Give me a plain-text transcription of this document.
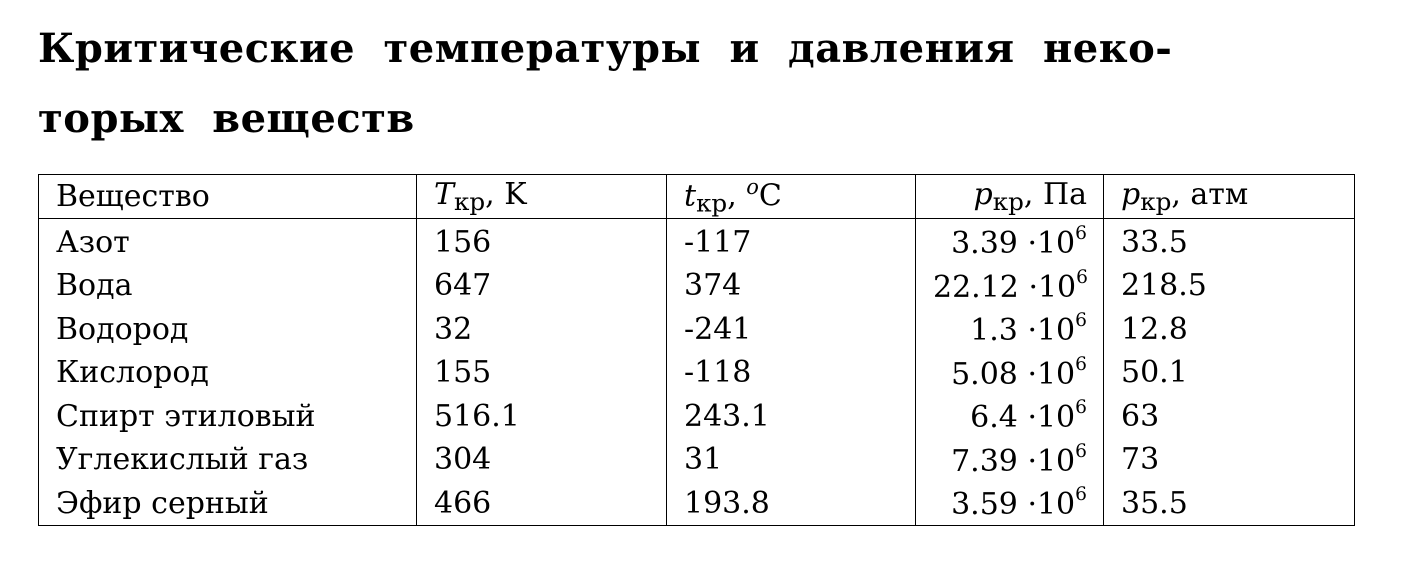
Критические температуры и давления неко-
торых веществ
Вещество	$T_{кр}$, K	$t_{кр}$, $^o$C	$p_{кр}$, Па	$p_{кр}$, атм
Азот	156	-117	$3.39 \cdot 10^6$	33.5
Вода	647	374	$22.12 \cdot 10^6$	218.5
Водород	32	-241	$1.3 \cdot 10^6$	12.8
Кислород	155	-118	$5.08 \cdot 10^6$	50.1
Спирт этиловый	516.1	243.1	$6.4 \cdot 10^6$	63
Углекислый газ	304	31	$7.39 \cdot 10^6$	73
Эфир серный	466	193.8	$3.59 \cdot 10^6$	35.5
